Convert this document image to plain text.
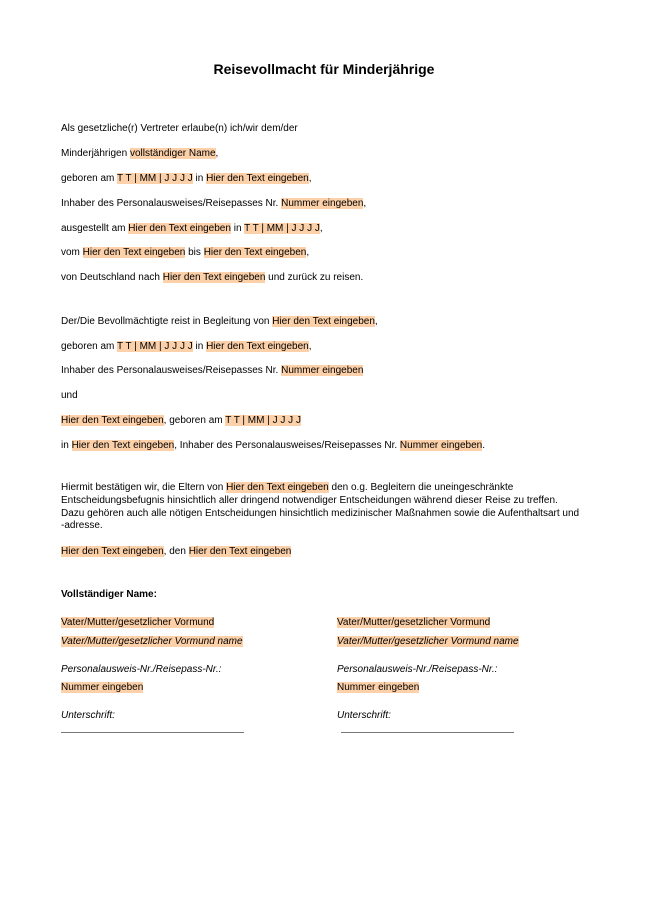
Reisevollmacht für Minderjährige
Als gesetzliche(r) Vertreter erlaube(n) ich/wir dem/der
Minderjährigen vollständiger Name,
geboren am T T | MM | J J J J in Hier den Text eingeben,
Inhaber des Personalausweises/Reisepasses Nr. Nummer eingeben,
ausgestellt am Hier den Text eingeben in T T | MM | J J J J,
vom Hier den Text eingeben bis Hier den Text eingeben,
von Deutschland nach Hier den Text eingeben und zurück zu reisen.
Der/Die Bevollmächtigte reist in Begleitung von Hier den Text eingeben,
geboren am T T | MM | J J J J in Hier den Text eingeben,
Inhaber des Personalausweises/Reisepasses Nr. Nummer eingeben
und
Hier den Text eingeben, geboren am T T | MM | J J J J
in Hier den Text eingeben, Inhaber des Personalausweises/Reisepasses Nr. Nummer eingeben.
Hiermit bestätigen wir, die Eltern von Hier den Text eingeben den o.g. Begleitern die uneingeschränkte Entscheidungsbefugnis hinsichtlich aller dringend notwendiger Entscheidungen während dieser Reise zu treffen. Dazu gehören auch alle nötigen Entscheidungen hinsichtlich medizinischer Maßnahmen sowie die Aufenthaltsart und -adresse.
Hier den Text eingeben, den Hier den Text eingeben
Vollständiger Name:
Vater/Mutter/gesetzlicher Vormund	Vater/Mutter/gesetzlicher Vormund
Vater/Mutter/gesetzlicher Vormund name	Vater/Mutter/gesetzlicher Vormund name
Personalausweis-Nr./Reisepass-Nr.:	Personalausweis-Nr./Reisepass-Nr.:
Nummer eingeben	Nummer eingeben
Unterschrift:	Unterschrift:
